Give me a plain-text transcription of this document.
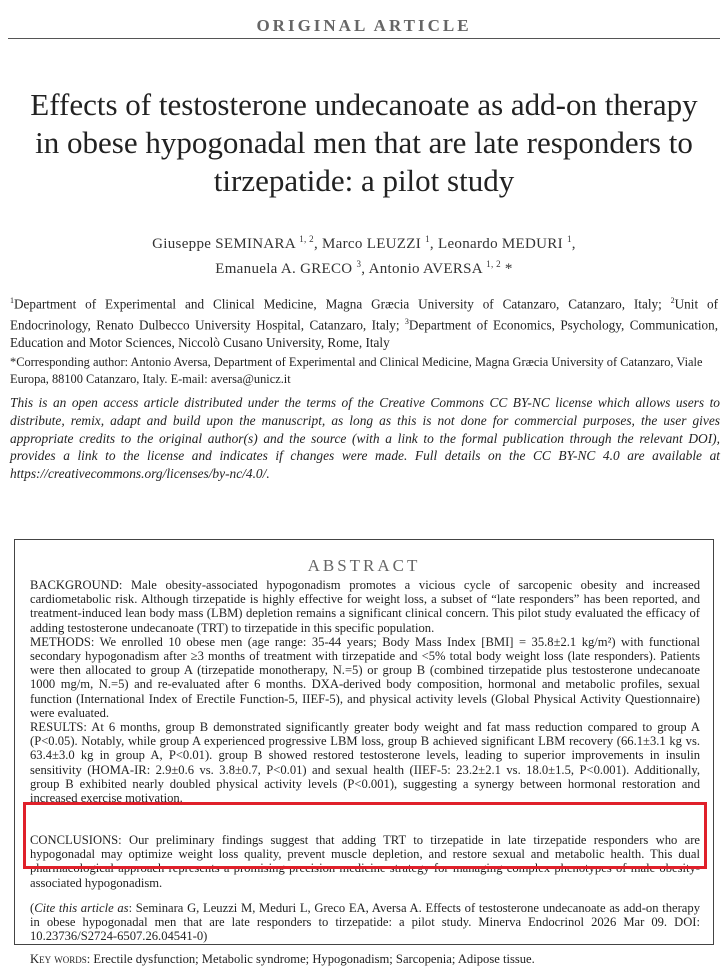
ORIGINAL ARTICLE
Effects of testosterone undecanoate as add-on therapy in obese hypogonadal men that are late responders to tirzepatide: a pilot study
Giuseppe SEMINARA $^{1, 2}$, Marco LEUZZI $^1$, Leonardo MEDURI $^1$,
Emanuela A. GRECO $^3$, Antonio AVERSA $^{1, 2}$ *
$^1$Department of Experimental and Clinical Medicine, Magna Græcia University of Catanzaro, Catanzaro, Italy; $^2$Unit of Endocrinology, Renato Dulbecco University Hospital, Catanzaro, Italy; $^3$Department of Economics, Psychology, Communication, Education and Motor Sciences, Niccolò Cusano University, Rome, Italy
*Corresponding author: Antonio Aversa, Department of Experimental and Clinical Medicine, Magna Græcia University of Catanzaro, Viale Europa, 88100 Catanzaro, Italy. E-mail: aversa@unicz.it
This is an open access article distributed under the terms of the Creative Commons CC BY-NC license which allows users to distribute, remix, adapt and build upon the manuscript, as long as this is not done for commercial purposes, the user gives appropriate credits to the original author(s) and the source (with a link to the formal publication through the relevant DOI), provides a link to the license and indicates if changes were made. Full details on the CC BY-NC 4.0 are available at https://creativecommons.org/licenses/by-nc/4.0/.
ABSTRACT

BACKGROUND: Male obesity-associated hypogonadism promotes a vicious cycle of sarcopenic obesity and increased cardiometabolic risk. Although tirzepatide is highly effective for weight loss, a subset of “late responders” has been reported, and treatment-induced lean body mass (LBM) depletion remains a significant clinical concern. This pilot study evaluated the efficacy of adding testosterone undecanoate (TRT) to tirzepatide in this specific population.

METHODS: We enrolled 10 obese men (age range: 35-44 years; Body Mass Index [BMI] = 35.8±2.1 kg/m²) with functional secondary hypogonadism after ≥3 months of treatment with tirzepatide and <5% total body weight loss (late responders). Patients were then allocated to group A (tirzepatide monotherapy, N.=5) or group B (combined tirzepatide plus testosterone undecanoate 1000 mg/m, N.=5) and re-evaluated after 6 months. DXA-derived body composition, hormonal and metabolic profiles, sexual function (International Index of Erectile Function-5, IIEF-5), and physical activity levels (Global Physical Activity Questionnaire) were evaluated.

RESULTS: At 6 months, group B demonstrated significantly greater body weight and fat mass reduction compared to group A (P<0.05). Notably, while group A experienced progressive LBM loss, group B achieved significant LBM recovery (66.1±3.1 kg vs. 63.4±3.0 kg in group A, P<0.01). group B showed restored testosterone levels, leading to superior improvements in insulin sensitivity (HOMA-IR: 2.9±0.6 vs. 3.8±0.7, P<0.01) and sexual health (IIEF-5: 23.2±2.1 vs. 18.0±1.5, P<0.001). Additionally, group B exhibited nearly doubled physical activity levels (P<0.001), suggesting a synergy between hormonal restoration and increased exercise motivation.

CONCLUSIONS: Our preliminary findings suggest that adding TRT to tirzepatide in late tirzepatide responders who are hypogonadal may optimize weight loss quality, prevent muscle depletion, and restore sexual and metabolic health. This dual pharmacological approach represents a promising precision medicine strategy for managing complex phenotypes of male obesity-associated hypogonadism.

(Cite this article as: Seminara G, Leuzzi M, Meduri L, Greco EA, Aversa A. Effects of testosterone undecanoate as add-on therapy in obese hypogonadal men that are late responders to tirzepatide: a pilot study. Minerva Endocrinol 2026 Mar 09. DOI: 10.23736/S2724-6507.26.04541-0)

Key words: Erectile dysfunction; Metabolic syndrome; Hypogonadism; Sarcopenia; Adipose tissue.
